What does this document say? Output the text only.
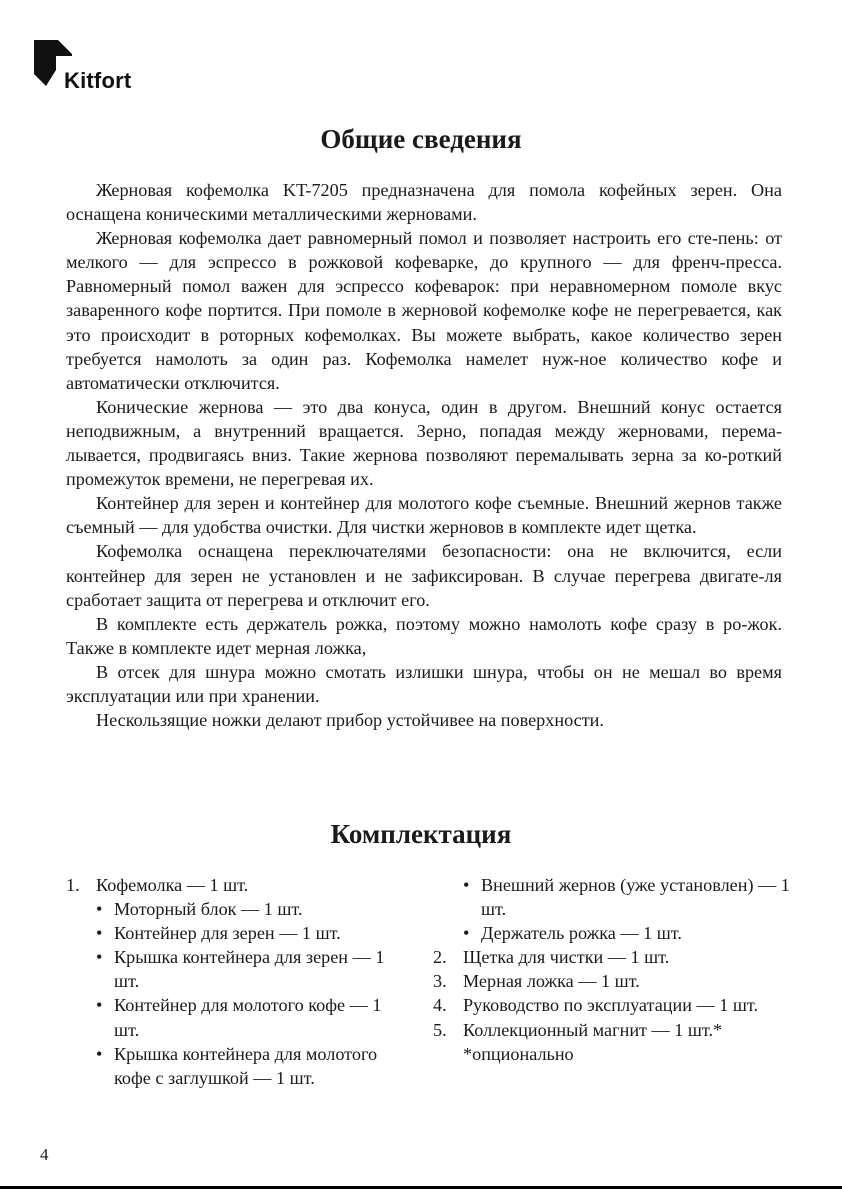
Kitfort
Общие сведения

Жерновая кофемолка KT-7205 предназначена для помола кофейных зерен. Она оснащена коническими металлическими жерновами.

Жерновая кофемолка дает равномерный помол и позволяет настроить его сте-пень: от мелкого — для эспрессо в рожковой кофеварке, до крупного — для френч-пресса. Равномерный помол важен для эспрессо кофеварок: при неравномерном помоле вкус заваренного кофе портится. При помоле в жерновой кофемолке кофе не перегревается, как это происходит в роторных кофемолках. Вы можете выбрать, какое количество зерен требуется намолоть за один раз. Кофемолка намелет нуж-ное количество кофе и автоматически отключится.

Конические жернова — это два конуса, один в другом. Внешний конус остается неподвижным, а внутренний вращается. Зерно, попадая между жерновами, перема-лывается, продвигаясь вниз. Такие жернова позволяют перемалывать зерна за ко-роткий промежуток времени, не перегревая их.

Контейнер для зерен и контейнер для молотого кофе съемные. Внешний жернов также съемный — для удобства очистки. Для чистки жерновов в комплекте идет щетка.

Кофемолка оснащена переключателями безопасности: она не включится, если контейнер для зерен не установлен и не зафиксирован. В случае перегрева двигате-ля сработает защита от перегрева и отключит его.

В комплекте есть держатель рожка, поэтому можно намолоть кофе сразу в ро-жок. Также в комплекте идет мерная ложка,

В отсек для шнура можно смотать излишки шнура, чтобы он не мешал во время эксплуатации или при хранении.

Нескользящие ножки делают прибор устойчивее на поверхности.

Комплектация
1. Кофемолка — 1 шт.
• Моторный блок — 1 шт.
• Контейнер для зерен — 1 шт.
• Крышка контейнера для зерен — 1 шт.
• Контейнер для молотого кофе — 1 шт.
• Крышка контейнера для молотого кофе с заглушкой — 1 шт.
• Внешний жернов (уже установлен) — 1 шт.
• Держатель рожка — 1 шт.
2. Щетка для чистки — 1 шт.
3. Мерная ложка — 1 шт.
4. Руководство по эксплуатации — 1 шт.
5. Коллекционный магнит — 1 шт.*
*опционально
4
